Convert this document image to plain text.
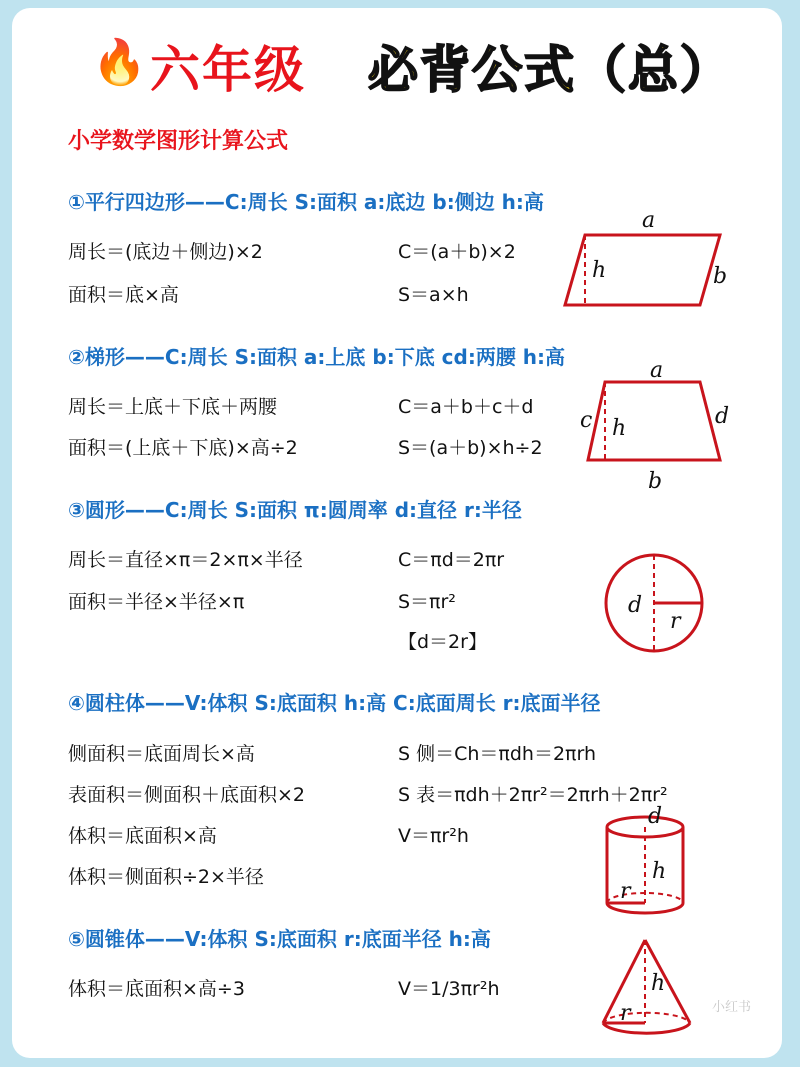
🔥 六年级 必背公式（总）
小学数学图形计算公式
①平行四边形——C:周长 S:面积 a:底边 b:侧边 h:高
周长＝(底边＋侧边)×2	C＝(a＋b)×2
面积＝底×高	S＝a×h
a
h	b
②梯形——C:周长 S:面积 a:上底 b:下底 cd:两腰 h:高
周长＝上底＋下底＋两腰	C＝a＋b＋c＋d
面积＝(上底＋下底)×高÷2	S＝(a＋b)×h÷2
a
c h	d
b
③圆形——C:周长 S:面积 π:圆周率 d:直径 r:半径
周长＝直径×π＝2×π×半径	C＝πd＝2πr
面积＝半径×半径×π	S＝πr²
【d＝2r】
d
r
④圆柱体——V:体积 S:底面积 h:高 C:底面周长 r:底面半径
侧面积＝底面周长×高	S 侧＝Ch＝πdh＝2πrh
表面积＝侧面积＋底面积×2	S 表＝πdh＋2πr²＝2πrh＋2πr²
体积＝底面积×高	V＝πr²h
体积＝侧面积÷2×半径
d
h
r
⑤圆锥体——V:体积 S:底面积 r:底面半径 h:高
体积＝底面积×高÷3	V＝1/3πr²h	h
r	小红书
